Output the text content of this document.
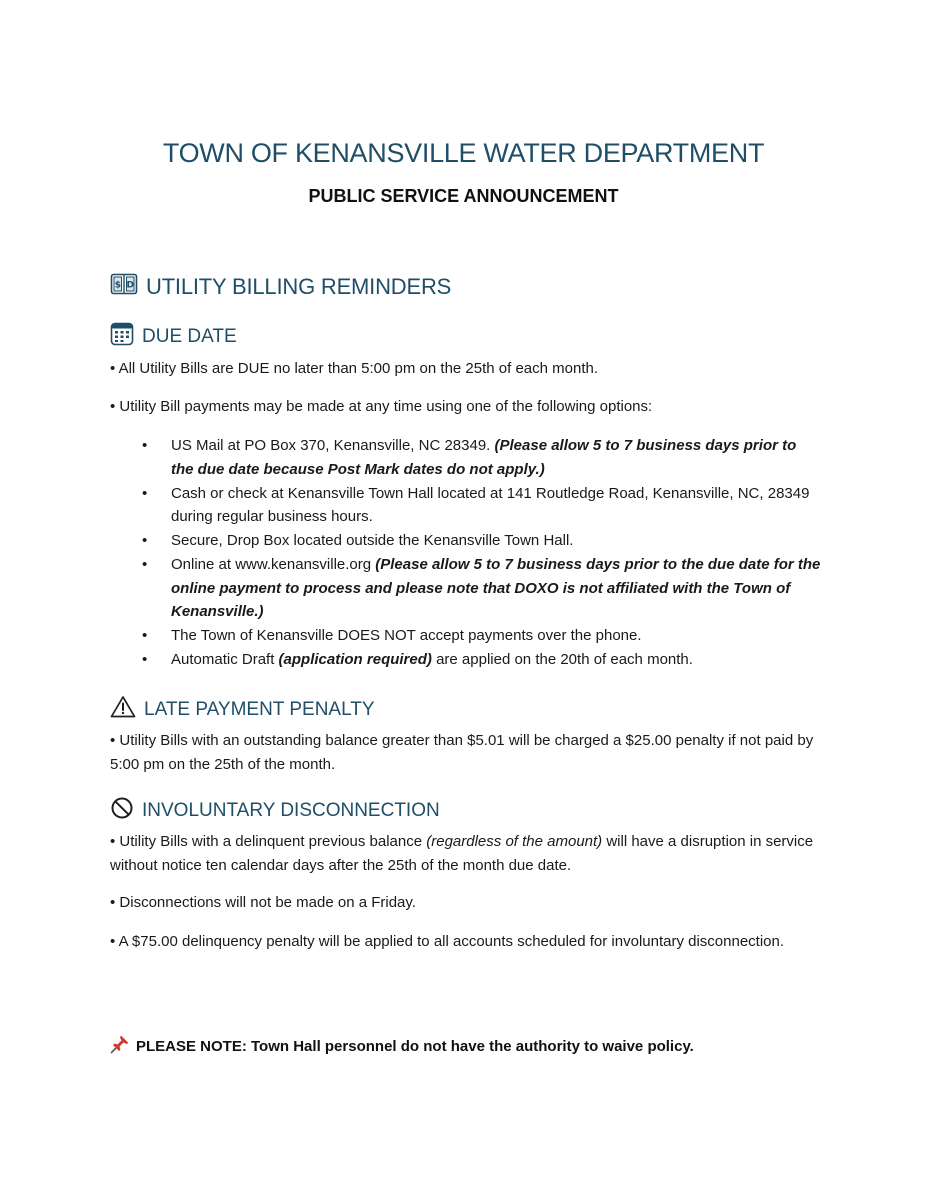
TOWN OF KENANSVILLE WATER DEPARTMENT
PUBLIC SERVICE ANNOUNCEMENT
$ D UTILITY BILLING REMINDERS
DUE DATE

• All Utility Bills are DUE no later than 5:00 pm on the 25th of each month.

• Utility Bill payments may be made at any time using one of the following options:

• US Mail at PO Box 370, Kenansville, NC 28349. (Please allow 5 to 7 business days prior to the due date because Post Mark dates do not apply.)
• Cash or check at Kenansville Town Hall located at 141 Routledge Road, Kenansville, NC, 28349 during regular business hours.
• Secure, Drop Box located outside the Kenansville Town Hall.
• Online at www.kenansville.org (Please allow 5 to 7 business days prior to the due date for the online payment to process and please note that DOXO is not affiliated with the Town of Kenansville.)
• The Town of Kenansville DOES NOT accept payments over the phone.
• Automatic Draft (application required) are applied on the 20th of each month.
LATE PAYMENT PENALTY

• Utility Bills with an outstanding balance greater than $5.01 will be charged a $25.00 penalty if not paid by 5:00 pm on the 25th of the month.

INVOLUNTARY DISCONNECTION

• Utility Bills with a delinquent previous balance (regardless of the amount) will have a disruption in service without notice ten calendar days after the 25th of the month due date.

• Disconnections will not be made on a Friday.

• A $75.00 delinquency penalty will be applied to all accounts scheduled for involuntary disconnection.

PLEASE NOTE: Town Hall personnel do not have the authority to waive policy.
